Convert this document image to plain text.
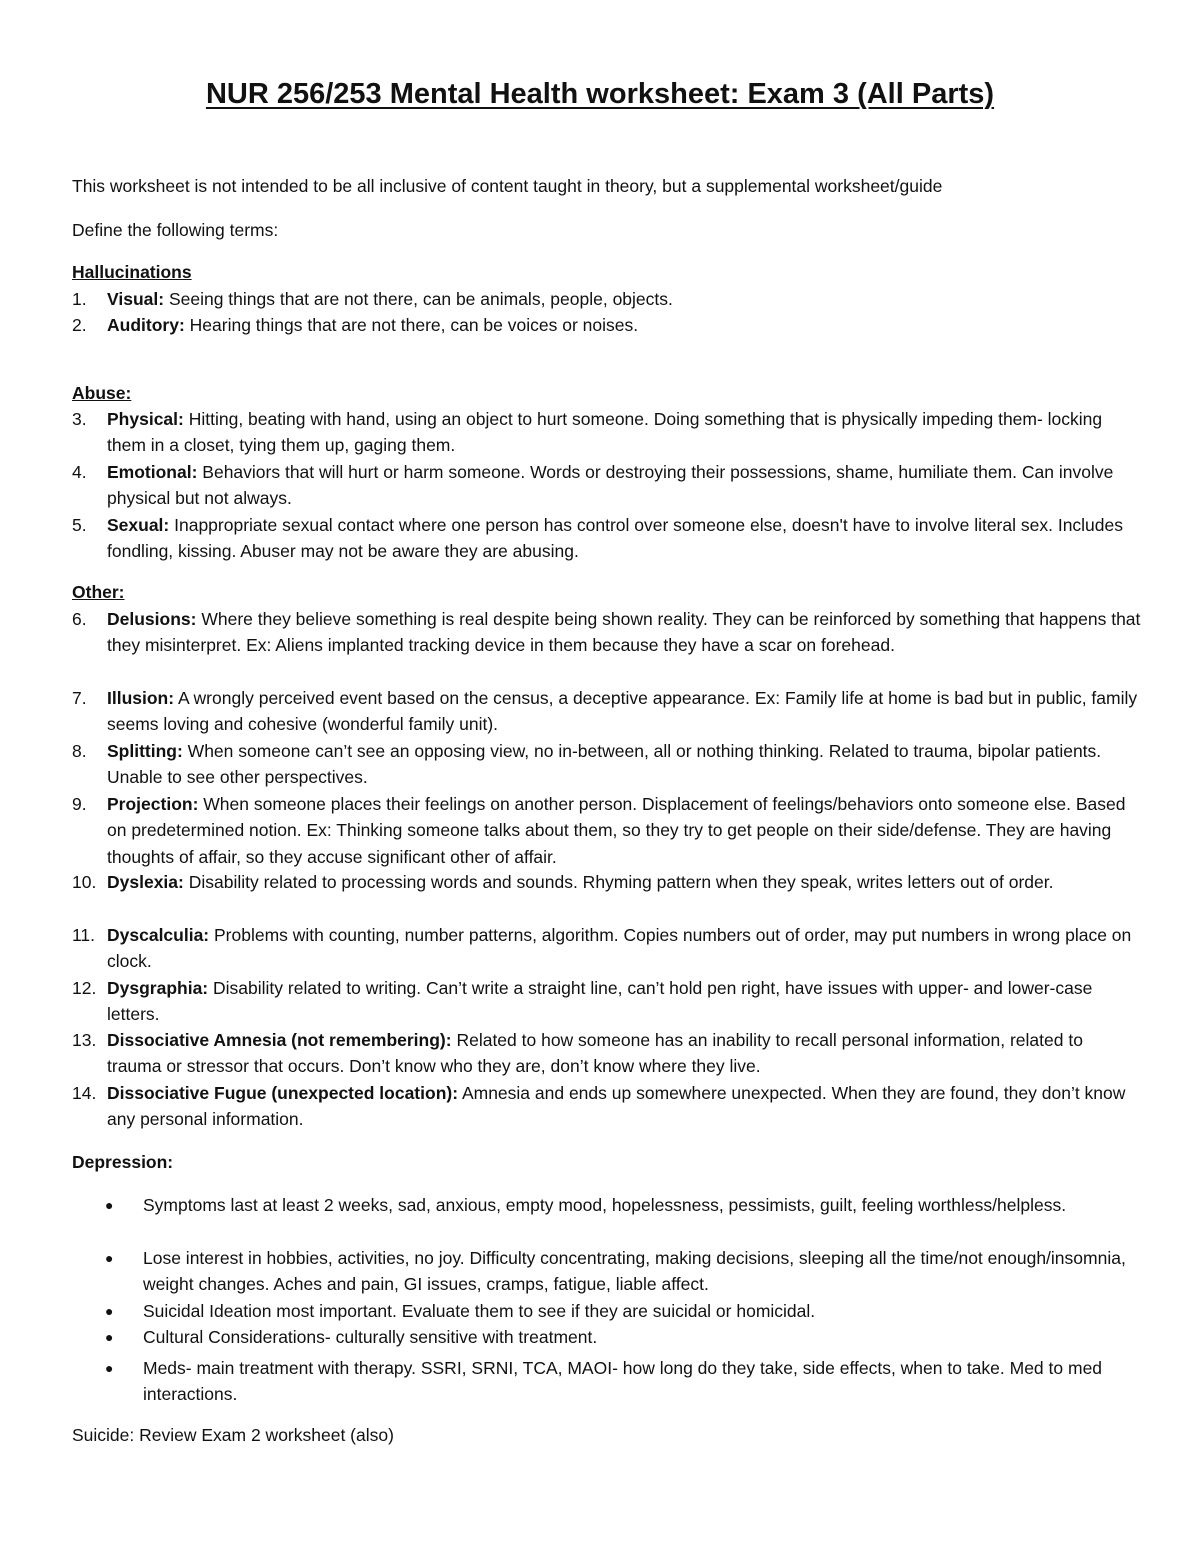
NUR 256/253 Mental Health worksheet: Exam 3 (All Parts)
This worksheet is not intended to be all inclusive of content taught in theory, but a supplemental worksheet/guide
Define the following terms:
Hallucinations
1.	Visual: Seeing things that are not there, can be animals, people, objects.
2.	Auditory: Hearing things that are not there, can be voices or noises.
Abuse:
3.	Physical: Hitting, beating with hand, using an object to hurt someone. Doing something that is physically impeding them- locking them in a closet, tying them up, gaging them.
4.	Emotional: Behaviors that will hurt or harm someone. Words or destroying their possessions, shame, humiliate them. Can involve physical but not always.
5.	Sexual: Inappropriate sexual contact where one person has control over someone else, doesn't have to involve literal sex. Includes fondling, kissing. Abuser may not be aware they are abusing.
Other:
6.	Delusions: Where they believe something is real despite being shown reality. They can be reinforced by something that happens that they misinterpret. Ex: Aliens implanted tracking device in them because they have a scar on forehead.
7.	Illusion: A wrongly perceived event based on the census, a deceptive appearance. Ex: Family life at home is bad but in public, family seems loving and cohesive (wonderful family unit).
8.	Splitting: When someone can’t see an opposing view, no in-between, all or nothing thinking. Related to trauma, bipolar patients. Unable to see other perspectives.
9.	Projection: When someone places their feelings on another person. Displacement of feelings/behaviors onto someone else. Based on predetermined notion. Ex: Thinking someone talks about them, so they try to get people on their side/defense. They are having thoughts of affair, so they accuse significant other of affair.
10. Dyslexia: Disability related to processing words and sounds. Rhyming pattern when they speak, writes letters out of order.
11. Dyscalculia: Problems with counting, number patterns, algorithm. Copies numbers out of order, may put numbers in wrong place on clock.
12. Dysgraphia: Disability related to writing. Can’t write a straight line, can’t hold pen right, have issues with upper- and lower-case letters.
13. Dissociative Amnesia (not remembering): Related to how someone has an inability to recall personal information, related to trauma or stressor that occurs. Don’t know who they are, don’t know where they live.
14. Dissociative Fugue (unexpected location): Amnesia and ends up somewhere unexpected. When they are found, they don’t know any personal information.
Depression:
● Symptoms last at least 2 weeks, sad, anxious, empty mood, hopelessness, pessimists, guilt, feeling worthless/helpless.
● Lose interest in hobbies, activities, no joy. Difficulty concentrating, making decisions, sleeping all the time/not enough/insomnia, weight changes. Aches and pain, GI issues, cramps, fatigue, liable affect.
● Suicidal Ideation most important. Evaluate them to see if they are suicidal or homicidal.
● Cultural Considerations- culturally sensitive with treatment.
● Meds- main treatment with therapy. SSRI, SRNI, TCA, MAOI- how long do they take, side effects, when to take. Med to med interactions.
Suicide: Review Exam 2 worksheet (also)
